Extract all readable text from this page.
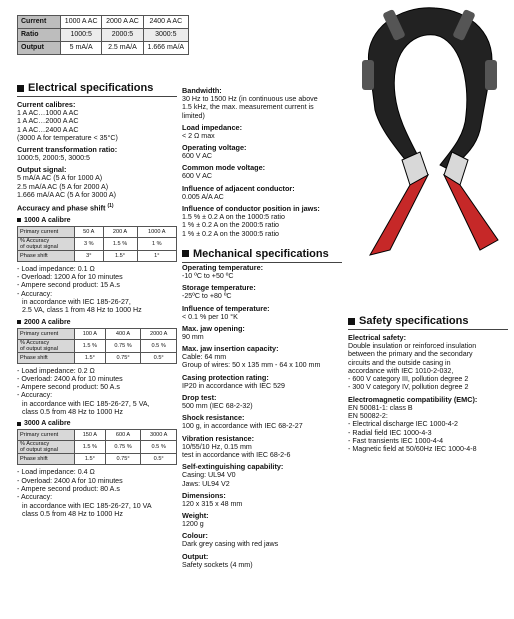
Current	1000 A AC	2000 A AC	2400 A AC
Ratio	1000:5	2000:5	3000:5
Output	5 mA/A	2.5 mA/A	1.666 mA/A
Electrical specifications
Current calibres:
1 A AC…1000 A AC
1 A AC…2000 A AC
1 A AC…2400 A AC
(3000 A for temperature < 35°C)
Current transformation ratio:
1000:5, 2000:5, 3000:5
Output signal:
5 mA/A AC (5 A for 1000 A)
2.5 mA/A AC (5 A for 2000 A)
1.666 mA/A AC (5 A for 3000 A)
Accuracy and phase shift $^{(1)}$
1000 A calibre
Primary current	50 A	200 A	1000 A
% Accuracy
of output signal	3 %	1.5 %	1 %
Phase shift	3°	1.5°	1°
- Load impedance: 0.1 Ω
- Overload: 1200 A for 10 minutes
- Ampere second product: 15 A.s
- Accuracy:
in accordance with IEC 185-26-27,
2.5 VA, class 1 from 48 Hz to 1000 Hz
2000 A calibre
Primary current	100 A	400 A	2000 A
% Accuracy
of output signal	1.5 %	0.75 %	0.5 %
Phase shift	1.5°	0.75°	0.5°
- Load impedance: 0.2 Ω
- Overload: 2400 A for 10 minutes
- Ampere second product: 50 A.s
- Accuracy:
in accordance with IEC 185-26-27, 5 VA,
class 0.5 from 48 Hz to 1000 Hz
3000 A calibre
Primary current	150 A	600 A	3000 A
% Accuracy
of output signal	1.5 %	0.75 %	0.5 %
Phase shift	1.5°	0.75°	0.5°
- Load impedance: 0.4 Ω
- Overload: 2400 A for 10 minutes
- Ampere second product: 80 A.s
- Accuracy:
in accordance with IEC 185-26-27, 10 VA
class 0.5 from 48 Hz to 1000 Hz
Bandwidth:
30 Hz to 1500 Hz (in continuous use above
1.5 kHz, the max. measurement current is
limited)
Load impedance:
< 2 Ω max
Operating voltage:
600 V AC
Common mode voltage:
600 V AC
Influence of adjacent conductor:
0.005 A/A AC
Influence of conductor position in jaws:
1.5 % ± 0.2 A on the 1000:5 ratio
1 % ± 0.2 A on the 2000:5 ratio
1 % ± 0.2 A on the 3000:5 ratio
Mechanical specifications
Operating temperature:
-10 ºC to +50 ºC
Storage temperature:
-25ºC to +80 ºC
Influence of temperature:
< 0.1 % per 10 °K
Max. jaw opening:
90 mm
Max. jaw insertion capacity:
Cable: 64 mm
Group of wires: 50 x 135 mm - 64 x 100 mm
Casing protection rating:
IP20 in accordance with IEC 529
Drop test:
500 mm (IEC 68-2-32)
Shock resistance:
100 g, in accordance with IEC 68-2-27
Vibration resistance:
10/55/10 Hz, 0.15 mm
test in accordance with IEC 68-2-6
Self-extinguishing capability:
Casing: UL94 V0
Jaws: UL94 V2
Dimensions:
120 x 315 x 48 mm
Weight:
1200 g
Colour:
Dark grey casing with red jaws
Output:
Safety sockets (4 mm)
Safety specifications
Electrical safety:
Double insulation or reinforced insulation
between the primary and the secondary
circuits and the outside casing in
accordance with IEC 1010-2-032,
- 600 V category III, pollution degree 2
- 300 V category IV, pollution degree 2
Electromagnetic compatibility (EMC):
EN 50081-1: class B
EN 50082-2:
- Electrical discharge IEC 1000-4-2
- Radial field IEC 1000-4-3
- Fast transients IEC 1000-4-4
- Magnetic field at 50/60Hz IEC 1000-4-8
